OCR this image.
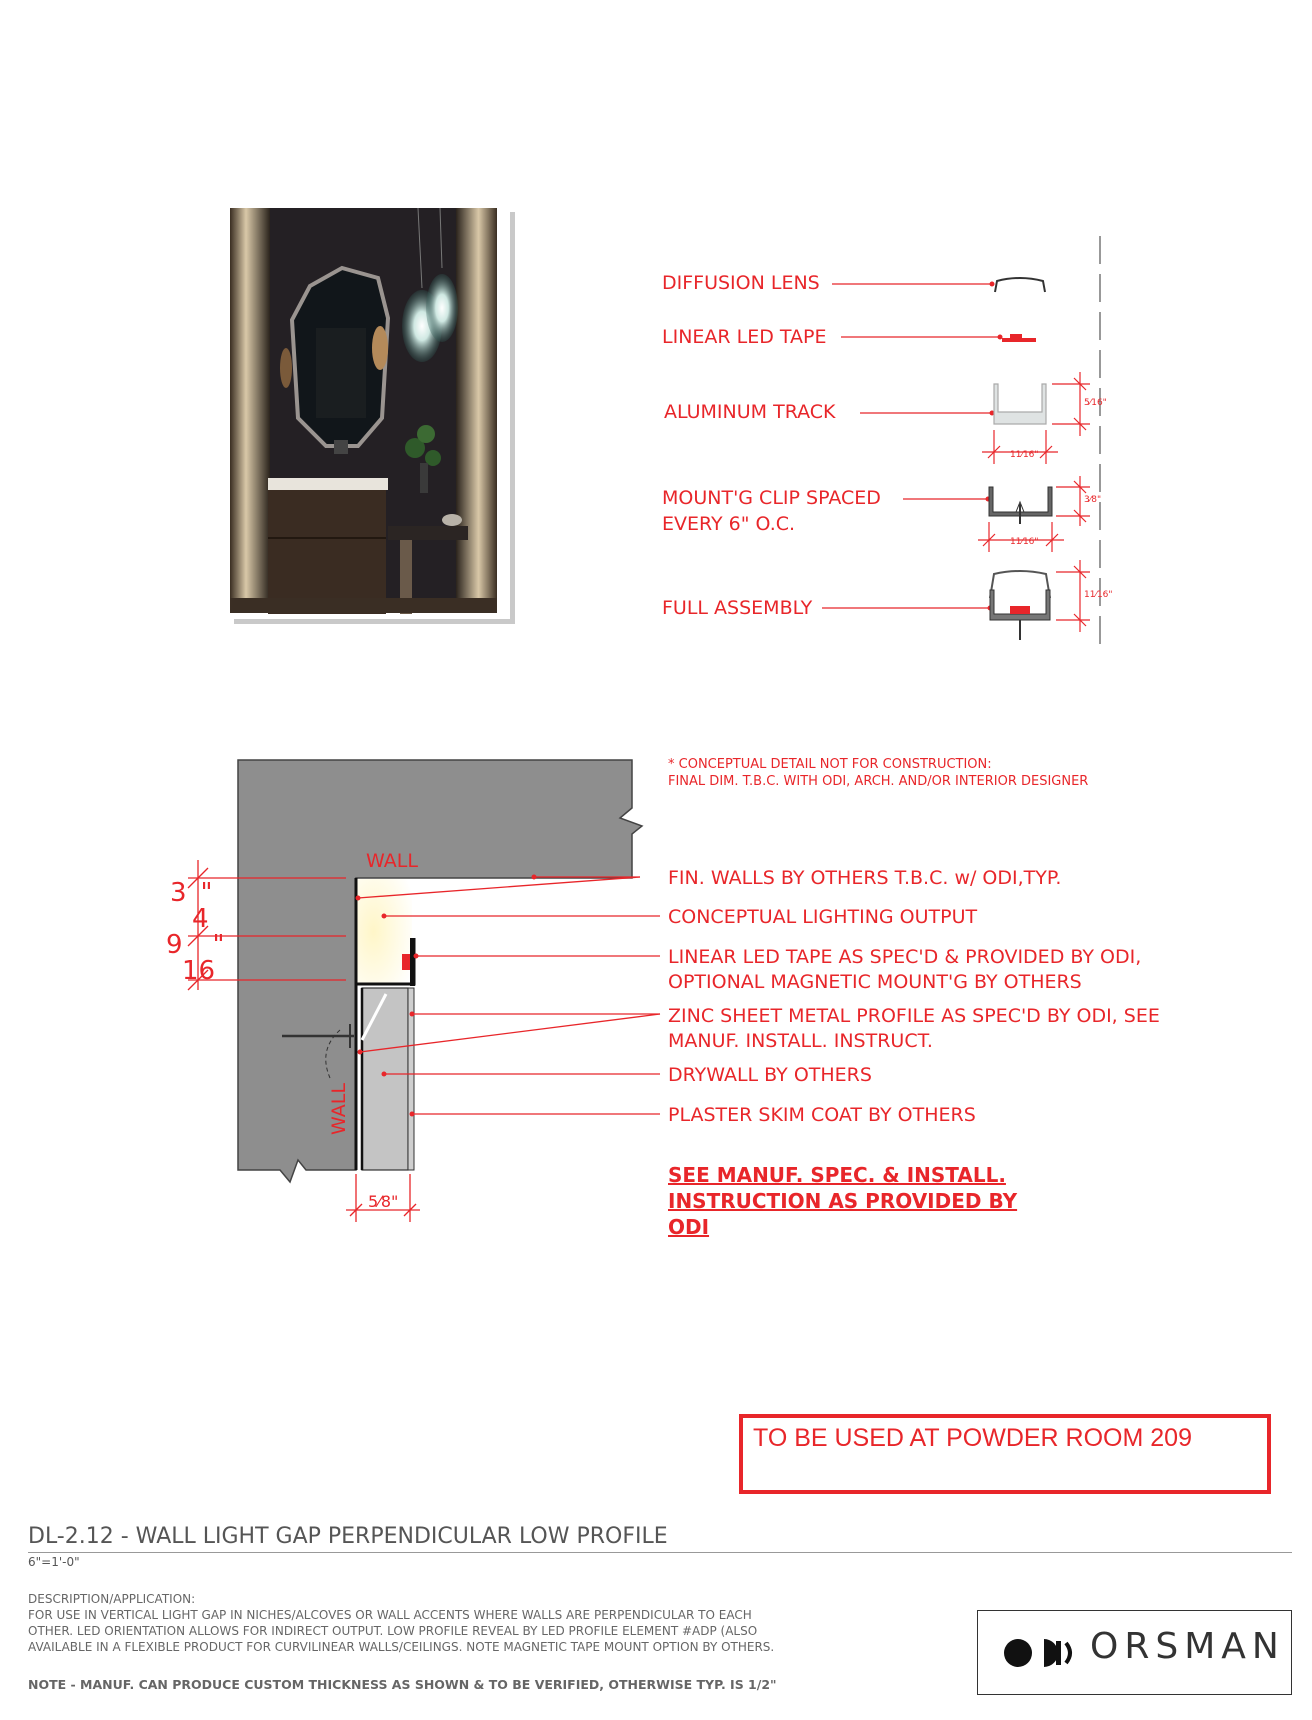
DIFFUSION LENS
LINEAR LED TAPE
ALUMINUM TRACK
MOUNT'G CLIP SPACED
EVERY 6" O.C.
FULL ASSEMBLY
5⁄16"
11⁄16"
3⁄8"
11⁄16"
11⁄16"
* CONCEPTUAL DETAIL NOT FOR CONSTRUCTION:
FINAL DIM. T.B.C. WITH ODI, ARCH. AND/OR INTERIOR DESIGNER
WALL
WALL
3 "
4
9 "
16
5⁄8"
FIN. WALLS BY OTHERS T.B.C. w/ ODI,TYP.
CONCEPTUAL LIGHTING OUTPUT
LINEAR LED TAPE AS SPEC'D & PROVIDED BY ODI,
OPTIONAL MAGNETIC MOUNT'G BY OTHERS
ZINC SHEET METAL PROFILE AS SPEC'D BY ODI, SEE
MANUF. INSTALL. INSTRUCT.
DRYWALL BY OTHERS
PLASTER SKIM COAT BY OTHERS
SEE MANUF. SPEC. & INSTALL.
INSTRUCTION AS PROVIDED BY
ODI
TO BE USED AT POWDER ROOM 209
DL-2.12 - WALL LIGHT GAP PERPENDICULAR LOW PROFILE
6"=1'-0"
DESCRIPTION/APPLICATION:
FOR USE IN VERTICAL LIGHT GAP IN NICHES/ALCOVES OR WALL ACCENTS WHERE WALLS ARE PERPENDICULAR TO EACH
OTHER. LED ORIENTATION ALLOWS FOR INDIRECT OUTPUT. LOW PROFILE REVEAL BY LED PROFILE ELEMENT #ADP (ALSO
AVAILABLE IN A FLEXIBLE PRODUCT FOR CURVILINEAR WALLS/CEILINGS. NOTE MAGNETIC TAPE MOUNT OPTION BY OTHERS.
NOTE - MANUF. CAN PRODUCE CUSTOM THICKNESS AS SHOWN & TO BE VERIFIED, OTHERWISE TYP. IS 1/2"
ORSMAN
